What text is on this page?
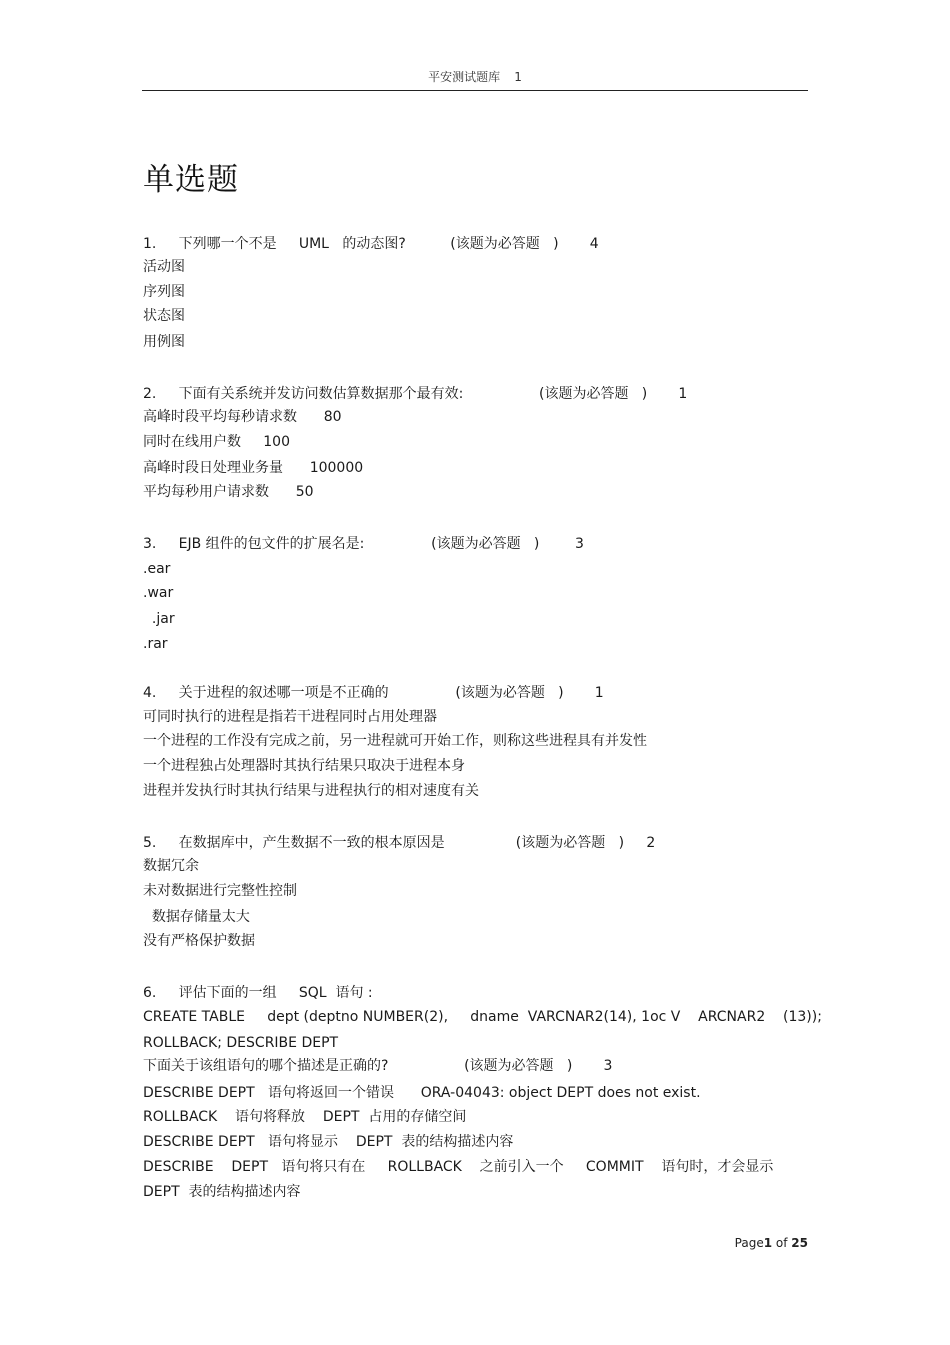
平安测试题库 1
单选题
1.     下列哪一个不是     UML   的动态图?          (该题为必答题   )       4
活动图
序列图
状态图
用例图
2.     下面有关系统并发访问数估算数据那个最有效:                 (该题为必答题   )       1
高峰时段平均每秒请求数      80
同时在线用户数     100
高峰时段日处理业务量      100000
平均每秒用户请求数      50
3.     EJB 组件的包文件的扩展名是:               (该题为必答题   )        3
.ear
.war
.jar
.rar
4.     关于进程的叙述哪一项是不正确的               (该题为必答题   )       1
可同时执行的进程是指若干进程同时占用处理器
一个进程的工作没有完成之前，另一进程就可开始工作，则称这些进程具有并发性
一个进程独占处理器时其执行结果只取决于进程本身
进程并发执行时其执行结果与进程执行的相对速度有关
5.     在数据库中，产生数据不一致的根本原因是                (该题为必答题   )     2
数据冗余
未对数据进行完整性控制
数据存储量太大
没有严格保护数据
6.     评估下面的一组     SQL  语句 :
CREATE TABLE     dept (deptno NUMBER(2),     dname  VARCNAR2(14), 1oc V    ARCNAR2    (13));
ROLLBACK; DESCRIBE DEPT
下面关于该组语句的哪个描述是正确的?                 (该题为必答题   )       3
DESCRIBE DEPT   语句将返回一个错误      ORA-04043: object DEPT does not exist.
ROLLBACK    语句将释放    DEPT  占用的存储空间
DESCRIBE DEPT   语句将显示    DEPT  表的结构描述内容
DESCRIBE    DEPT   语句将只有在     ROLLBACK    之前引入一个     COMMIT    语句时，才会显示
DEPT  表的结构描述内容
Page1 of 25
